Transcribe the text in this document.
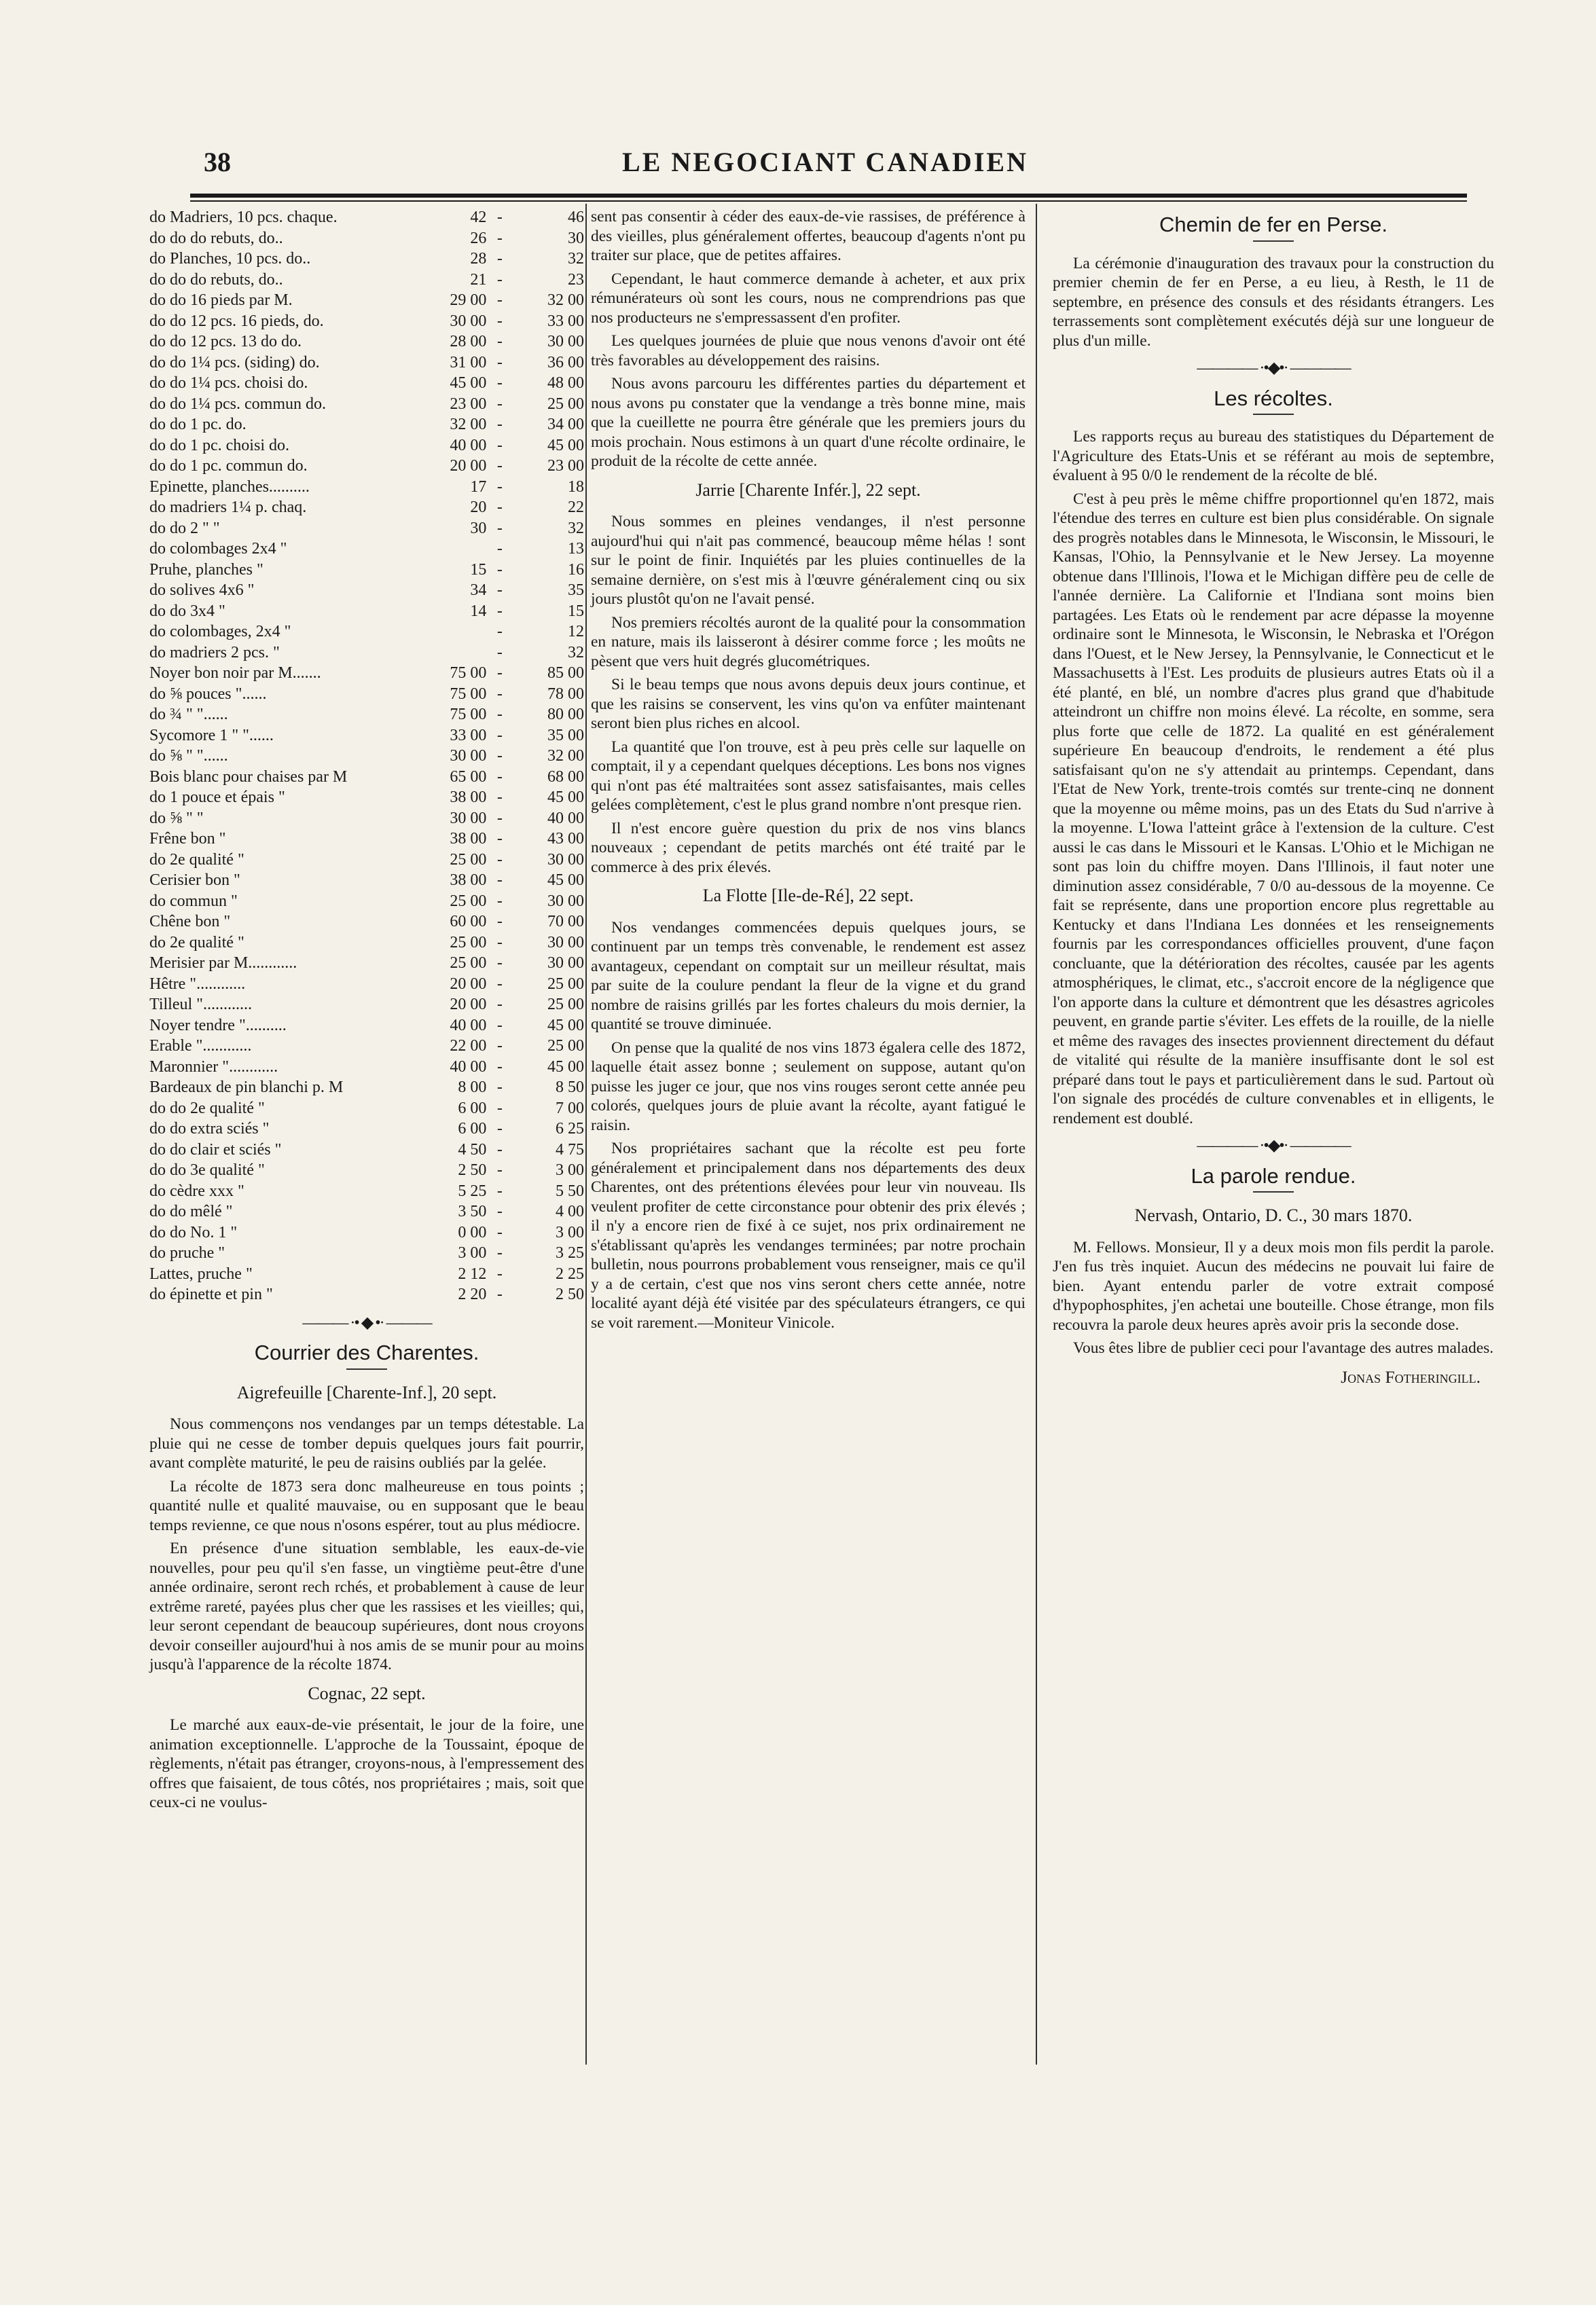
38	LE NEGOCIANT CANADIEN
do Madriers, 10 pcs. chaque.	42	-	46
do do do rebuts, do..	26	-	30
do Planches, 10 pcs. do..	28	-	32
do do do rebuts, do..	21	-	23
do do 16 pieds par M.	29 00	-	32 00
do do 12 pcs. 16 pieds, do.	30 00	-	33 00
do do 12 pcs. 13 do do.	28 00	-	30 00
do do 1¼ pcs. (siding) do.	31 00	-	36 00
do do 1¼ pcs. choisi do.	45 00	-	48 00
do do 1¼ pcs. commun do.	23 00	-	25 00
do do 1 pc. do.	32 00	-	34 00
do do 1 pc. choisi do.	40 00	-	45 00
do do 1 pc. commun do.	20 00	-	23 00
Epinette, planches..........	17	-	18
do madriers 1¼ p. chaq.	20	-	22
do do 2 " "	30	-	32
do colombages 2x4 "		-	13
Pruhe, planches "	15	-	16
do solives 4x6 "	34	-	35
do do 3x4 "	14	-	15
do colombages, 2x4 "		-	12
do madriers 2 pcs. "		-	32
Noyer bon noir par M.......	75 00	-	85 00
do ⅝ pouces "......	75 00	-	78 00
do ¾ " "......	75 00	-	80 00
Sycomore 1 " "......	33 00	-	35 00
do ⅝ " "......	30 00	-	32 00
Bois blanc pour chaises par M	65 00	-	68 00
do 1 pouce et épais "	38 00	-	45 00
do ⅝ " "	30 00	-	40 00
Frêne bon "	38 00	-	43 00
do 2e qualité "	25 00	-	30 00
Cerisier bon "	38 00	-	45 00
do commun "	25 00	-	30 00
Chêne bon "	60 00	-	70 00
do 2e qualité "	25 00	-	30 00
Merisier par M............	25 00	-	30 00
Hêtre "............	20 00	-	25 00
Tilleul "............	20 00	-	25 00
Noyer tendre "..........	40 00	-	45 00
Erable "............	22 00	-	25 00
Maronnier "............	40 00	-	45 00
Bardeaux de pin blanchi p. M	8 00	-	8 50
do do 2e qualité "	6 00	-	7 00
do do extra sciés "	6 00	-	6 25
do do clair et sciés "	4 50	-	4 75
do do 3e qualité "	2 50	-	3 00
do cèdre xxx "	5 25	-	5 50
do do mêlé "	3 50	-	4 00
do do No. 1 "	0 00	-	3 00
do pruche "	3 00	-	3 25
Lattes, pruche "	2 12	-	2 25
do épinette et pin "	2 20	-	2 50
——— ·• ◆ •· ———
Courrier des Charentes.
Aigrefeuille [Charente-Inf.], 20 sept.

Nous commençons nos vendanges par un temps détestable. La pluie qui ne cesse de tomber depuis quelques jours fait pourrir, avant complète maturité, le peu de raisins oubliés par la gelée.

La récolte de 1873 sera donc malheureuse en tous points ; quantité nulle et qualité mauvaise, ou en supposant que le beau temps revienne, ce que nous n'osons espérer, tout au plus médiocre.

En présence d'une situation semblable, les eaux-de-vie nouvelles, pour peu qu'il s'en fasse, un vingtième peut-être d'une année ordinaire, seront rech rchés, et probablement à cause de leur extrême rareté, payées plus cher que les rassises et les vieilles; qui, leur seront cependant de beaucoup supérieures, dont nous croyons devoir conseiller aujourd'hui à nos amis de se munir pour au moins jusqu'à l'apparence de la récolte 1874.

Cognac, 22 sept.

Le marché aux eaux-de-vie présentait, le jour de la foire, une animation exceptionnelle. L'approche de la Toussaint, époque de règlements, n'était pas étranger, croyons-nous, à l'empressement des offres que faisaient, de tous côtés, nos propriétaires ; mais, soit que ceux-ci ne voulus-

sent pas consentir à céder des eaux-de-vie rassises, de préférence à des vieilles, plus généralement offertes, beaucoup d'agents n'ont pu traiter sur place, que de petites affaires.

Cependant, le haut commerce demande à acheter, et aux prix rémunérateurs où sont les cours, nous ne comprendrions pas que nos producteurs ne s'empressassent d'en profiter.

Les quelques journées de pluie que nous venons d'avoir ont été très favorables au développement des raisins.

Nous avons parcouru les différentes parties du département et nous avons pu constater que la vendange a très bonne mine, mais que la cueillette ne pourra être générale que les premiers jours du mois prochain. Nous estimons à un quart d'une récolte ordinaire, le produit de la récolte de cette année.

Jarrie [Charente Infér.], 22 sept.

Nous sommes en pleines vendanges, il n'est personne aujourd'hui qui n'ait pas commencé, beaucoup même hélas ! sont sur le point de finir. Inquiétés par les pluies continuelles de la semaine dernière, on s'est mis à l'œuvre généralement cinq ou six jours plustôt qu'on ne l'avait pensé.

Nos premiers récoltés auront de la qualité pour la consommation en nature, mais ils laisseront à désirer comme force ; les moûts ne pèsent que vers huit degrés glucométriques.

Si le beau temps que nous avons depuis deux jours continue, et que les raisins se conservent, les vins qu'on va enfûter maintenant seront bien plus riches en alcool.

La quantité que l'on trouve, est à peu près celle sur laquelle on comptait, il y a cependant quelques déceptions. Les bons nos vignes qui n'ont pas été maltraitées sont assez satisfaisantes, mais celles gelées complètement, c'est le plus grand nombre n'ont presque rien.

Il n'est encore guère question du prix de nos vins blancs nouveaux ; cependant de petits marchés ont été traité par le commerce à des prix élevés.

La Flotte [Ile-de-Ré], 22 sept.

Nos vendanges commencées depuis quelques jours, se continuent par un temps très convenable, le rendement est assez avantageux, cependant on comptait sur un meilleur résultat, mais par suite de la coulure pendant la fleur de la vigne et du grand nombre de raisins grillés par les fortes chaleurs du mois dernier, la quantité se trouve diminuée.

On pense que la qualité de nos vins 1873 égalera celle des 1872, laquelle était assez bonne ; seulement on suppose, autant qu'on puisse les juger ce jour, que nos vins rouges seront cette année peu colorés, quelques jours de pluie avant la récolte, ayant fatigué le raisin.

Nos propriétaires sachant que la récolte est peu forte généralement et principalement dans nos départements des deux Charentes, ont des prétentions élevées pour leur vin nouveau. Ils veulent profiter de cette circonstance pour obtenir des prix élevés ; il n'y a encore rien de fixé à ce sujet, nos prix ordinairement ne s'établissant qu'après les vendanges terminées; par notre prochain bulletin, nous pourrons probablement vous renseigner, mais ce qu'il y a de certain, c'est que nos vins seront chers cette année, notre localité ayant déjà été visitée par des spéculateurs étrangers, ce qui se voit rarement.—Moniteur Vinicole.

Chemin de fer en Perse.

La cérémonie d'inauguration des travaux pour la construction du premier chemin de fer en Perse, a eu lieu, à Resth, le 11 de septembre, en présence des consuls et des résidants étrangers. Les terrassements sont complètement exécutés déjà sur une longueur de plus d'un mille.

———— ·•◆•· ————
Les récoltes.

Les rapports reçus au bureau des statistiques du Département de l'Agriculture des Etats-Unis et se référant au mois de septembre, évaluent à 95 0/0 le rendement de la récolte de blé.

C'est à peu près le même chiffre proportionnel qu'en 1872, mais l'étendue des terres en culture est bien plus considérable. On signale des progrès notables dans le Minnesota, le Wisconsin, le Missouri, le Kansas, l'Ohio, la Pennsylvanie et le New Jersey. La moyenne obtenue dans l'Illinois, l'Iowa et le Michigan diffère peu de celle de l'année dernière. La Californie et l'Indiana sont moins bien partagées. Les Etats où le rendement par acre dépasse la moyenne ordinaire sont le Minnesota, le Wisconsin, le Nebraska et l'Orégon dans l'Ouest, et le New Jersey, la Pennsylvanie, le Connecticut et le Massachusetts à l'Est. Les produits de plusieurs autres Etats où il a été planté, en blé, un nombre d'acres plus grand que d'habitude atteindront un chiffre non moins élevé. La récolte, en somme, sera plus forte que celle de 1872. La qualité en est généralement supérieure En beaucoup d'endroits, le rendement a été plus satisfaisant qu'on ne s'y attendait au printemps. Cependant, dans l'Etat de New York, trente-trois comtés sur trente-cinq ne donnent que la moyenne ou même moins, pas un des Etats du Sud n'arrive à la moyenne. L'Iowa l'atteint grâce à l'extension de la culture. C'est aussi le cas dans le Missouri et le Kansas. L'Ohio et le Michigan ne sont pas loin du chiffre moyen. Dans l'Illinois, il faut noter une diminution assez considérable, 7 0/0 au-dessous de la moyenne. Ce fait se représente, dans une proportion encore plus regrettable au Kentucky et dans l'Indiana Les données et les renseignements fournis par les correspondances officielles prouvent, d'une façon concluante, que la détérioration des récoltes, causée par les agents atmosphériques, le climat, etc., s'accroit encore de la négligence que l'on apporte dans la culture et démontrent que les désastres agricoles peuvent, en grande partie s'éviter. Les effets de la rouille, de la nielle et même des ravages des insectes proviennent directement du défaut de vitalité qui résulte de la manière insuffisante dont le sol est préparé dans tout le pays et particulièrement dans le sud. Partout où l'on signale des procédés de culture convenables et in elligents, le rendement est doublé.

———— ·•◆•· ————
La parole rendue.
Nervash, Ontario, D. C., 30 mars 1870.

M. Fellows. Monsieur, Il y a deux mois mon fils perdit la parole. J'en fus très inquiet. Aucun des médecins ne pouvait lui faire de bien. Ayant entendu parler de votre extrait composé d'hypophosphites, j'en achetai une bouteille. Chose étrange, mon fils recouvra la parole deux heures après avoir pris la seconde dose.

Vous êtes libre de publier ceci pour l'avantage des autres malades.

Jonas Fotheringill.
